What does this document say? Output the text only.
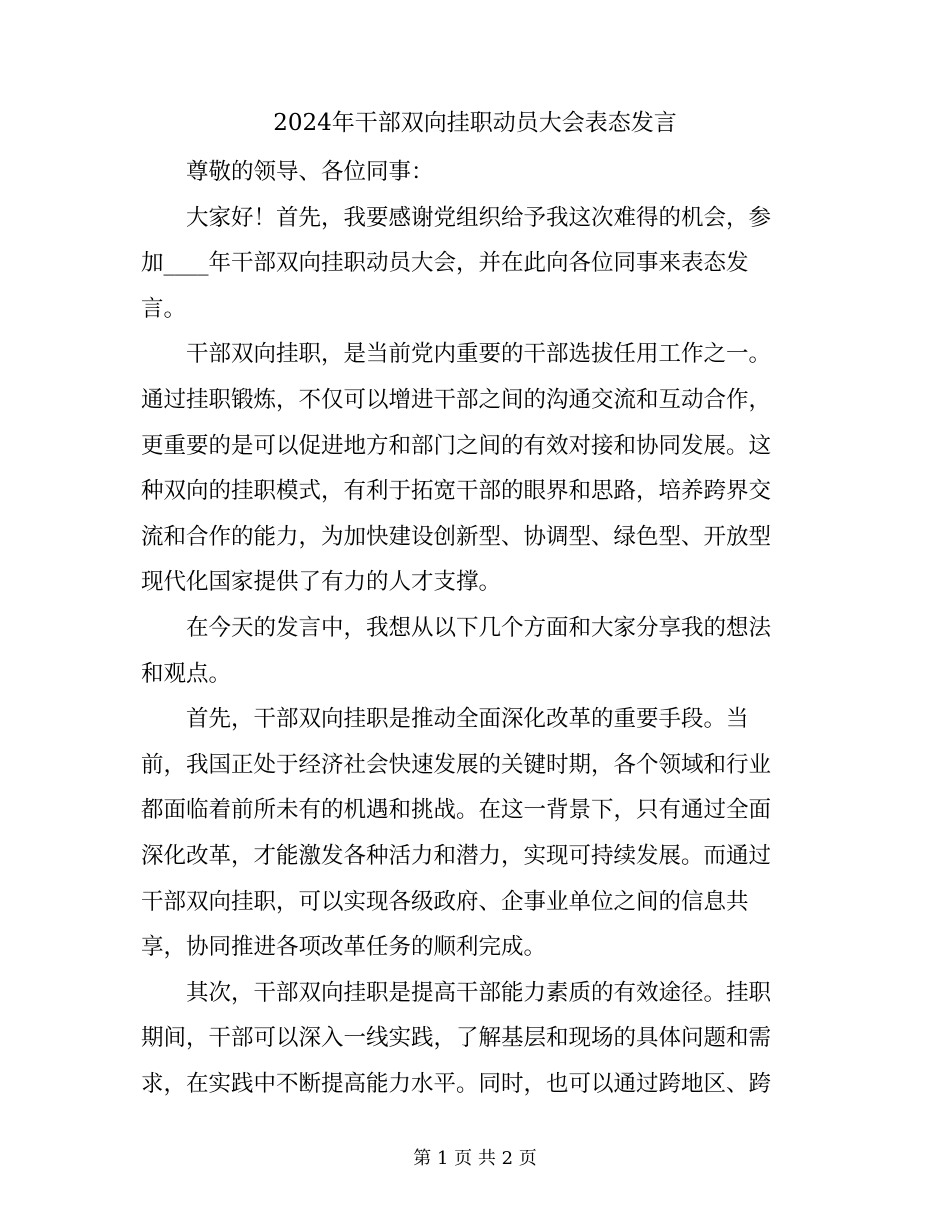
2024年干部双向挂职动员大会表态发言

尊敬的领导、各位同事：

大家好！首先，我要感谢党组织给予我这次难得的机会，参
加____年干部双向挂职动员大会，并在此向各位同事来表态发
言。

干部双向挂职，是当前党内重要的干部选拔任用工作之一。
通过挂职锻炼，不仅可以增进干部之间的沟通交流和互动合作，
更重要的是可以促进地方和部门之间的有效对接和协同发展。这
种双向的挂职模式，有利于拓宽干部的眼界和思路，培养跨界交
流和合作的能力，为加快建设创新型、协调型、绿色型、开放型
现代化国家提供了有力的人才支撑。

在今天的发言中，我想从以下几个方面和大家分享我的想法
和观点。

首先，干部双向挂职是推动全面深化改革的重要手段。当
前，我国正处于经济社会快速发展的关键时期，各个领域和行业
都面临着前所未有的机遇和挑战。在这一背景下，只有通过全面
深化改革，才能激发各种活力和潜力，实现可持续发展。而通过
干部双向挂职，可以实现各级政府、企事业单位之间的信息共
享，协同推进各项改革任务的顺利完成。

其次，干部双向挂职是提高干部能力素质的有效途径。挂职
期间，干部可以深入一线实践，了解基层和现场的具体问题和需
求，在实践中不断提高能力水平。同时，也可以通过跨地区、跨

第 1 页 共 2 页
